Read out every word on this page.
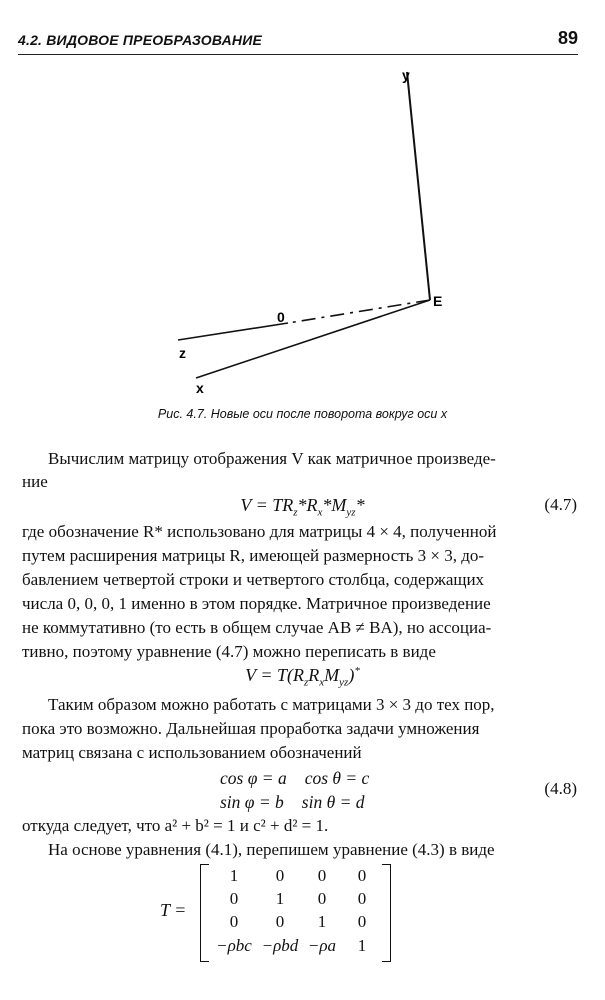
4.2. ВИДОВОЕ ПРЕОБРАЗОВАНИЕ	89
y
E
0
z
x
Рис. 4.7. Новые оси после поворота вокруг оси x
Вычислим матрицу отображения V как матричное произведе-
ние
$V = TR_z*R_x*M_{yz}*$	(4.7)
где обозначение R* использовано для матрицы 4 × 4, полученной
путем расширения матрицы R, имеющей размерность 3 × 3, до-
бавлением четвертой строки и четвертого столбца, содержащих
числа 0, 0, 0, 1 именно в этом порядке. Матричное произведение
не коммутативно (то есть в общем случае AB ≠ BA), но ассоциа-
тивно, поэтому уравнение (4.7) можно переписать в виде
$V = T(R_zR_xM_{yz})^*$
Таким образом можно работать с матрицами 3 × 3 до тех пор,
пока это возможно. Дальнейшая проработка задачи умножения
матриц связана с использованием обозначений
cos φ = a cos θ = c
sin φ = b sin θ = d
(4.8)
откуда следует, что a² + b² = 1 и c² + d² = 1.
На основе уравнения (4.1), перепишем уравнение (4.3) в виде
T =
1	0	0	0
0	1	0	0
0	0	1	0
−ρbc −ρbd −ρa	1
